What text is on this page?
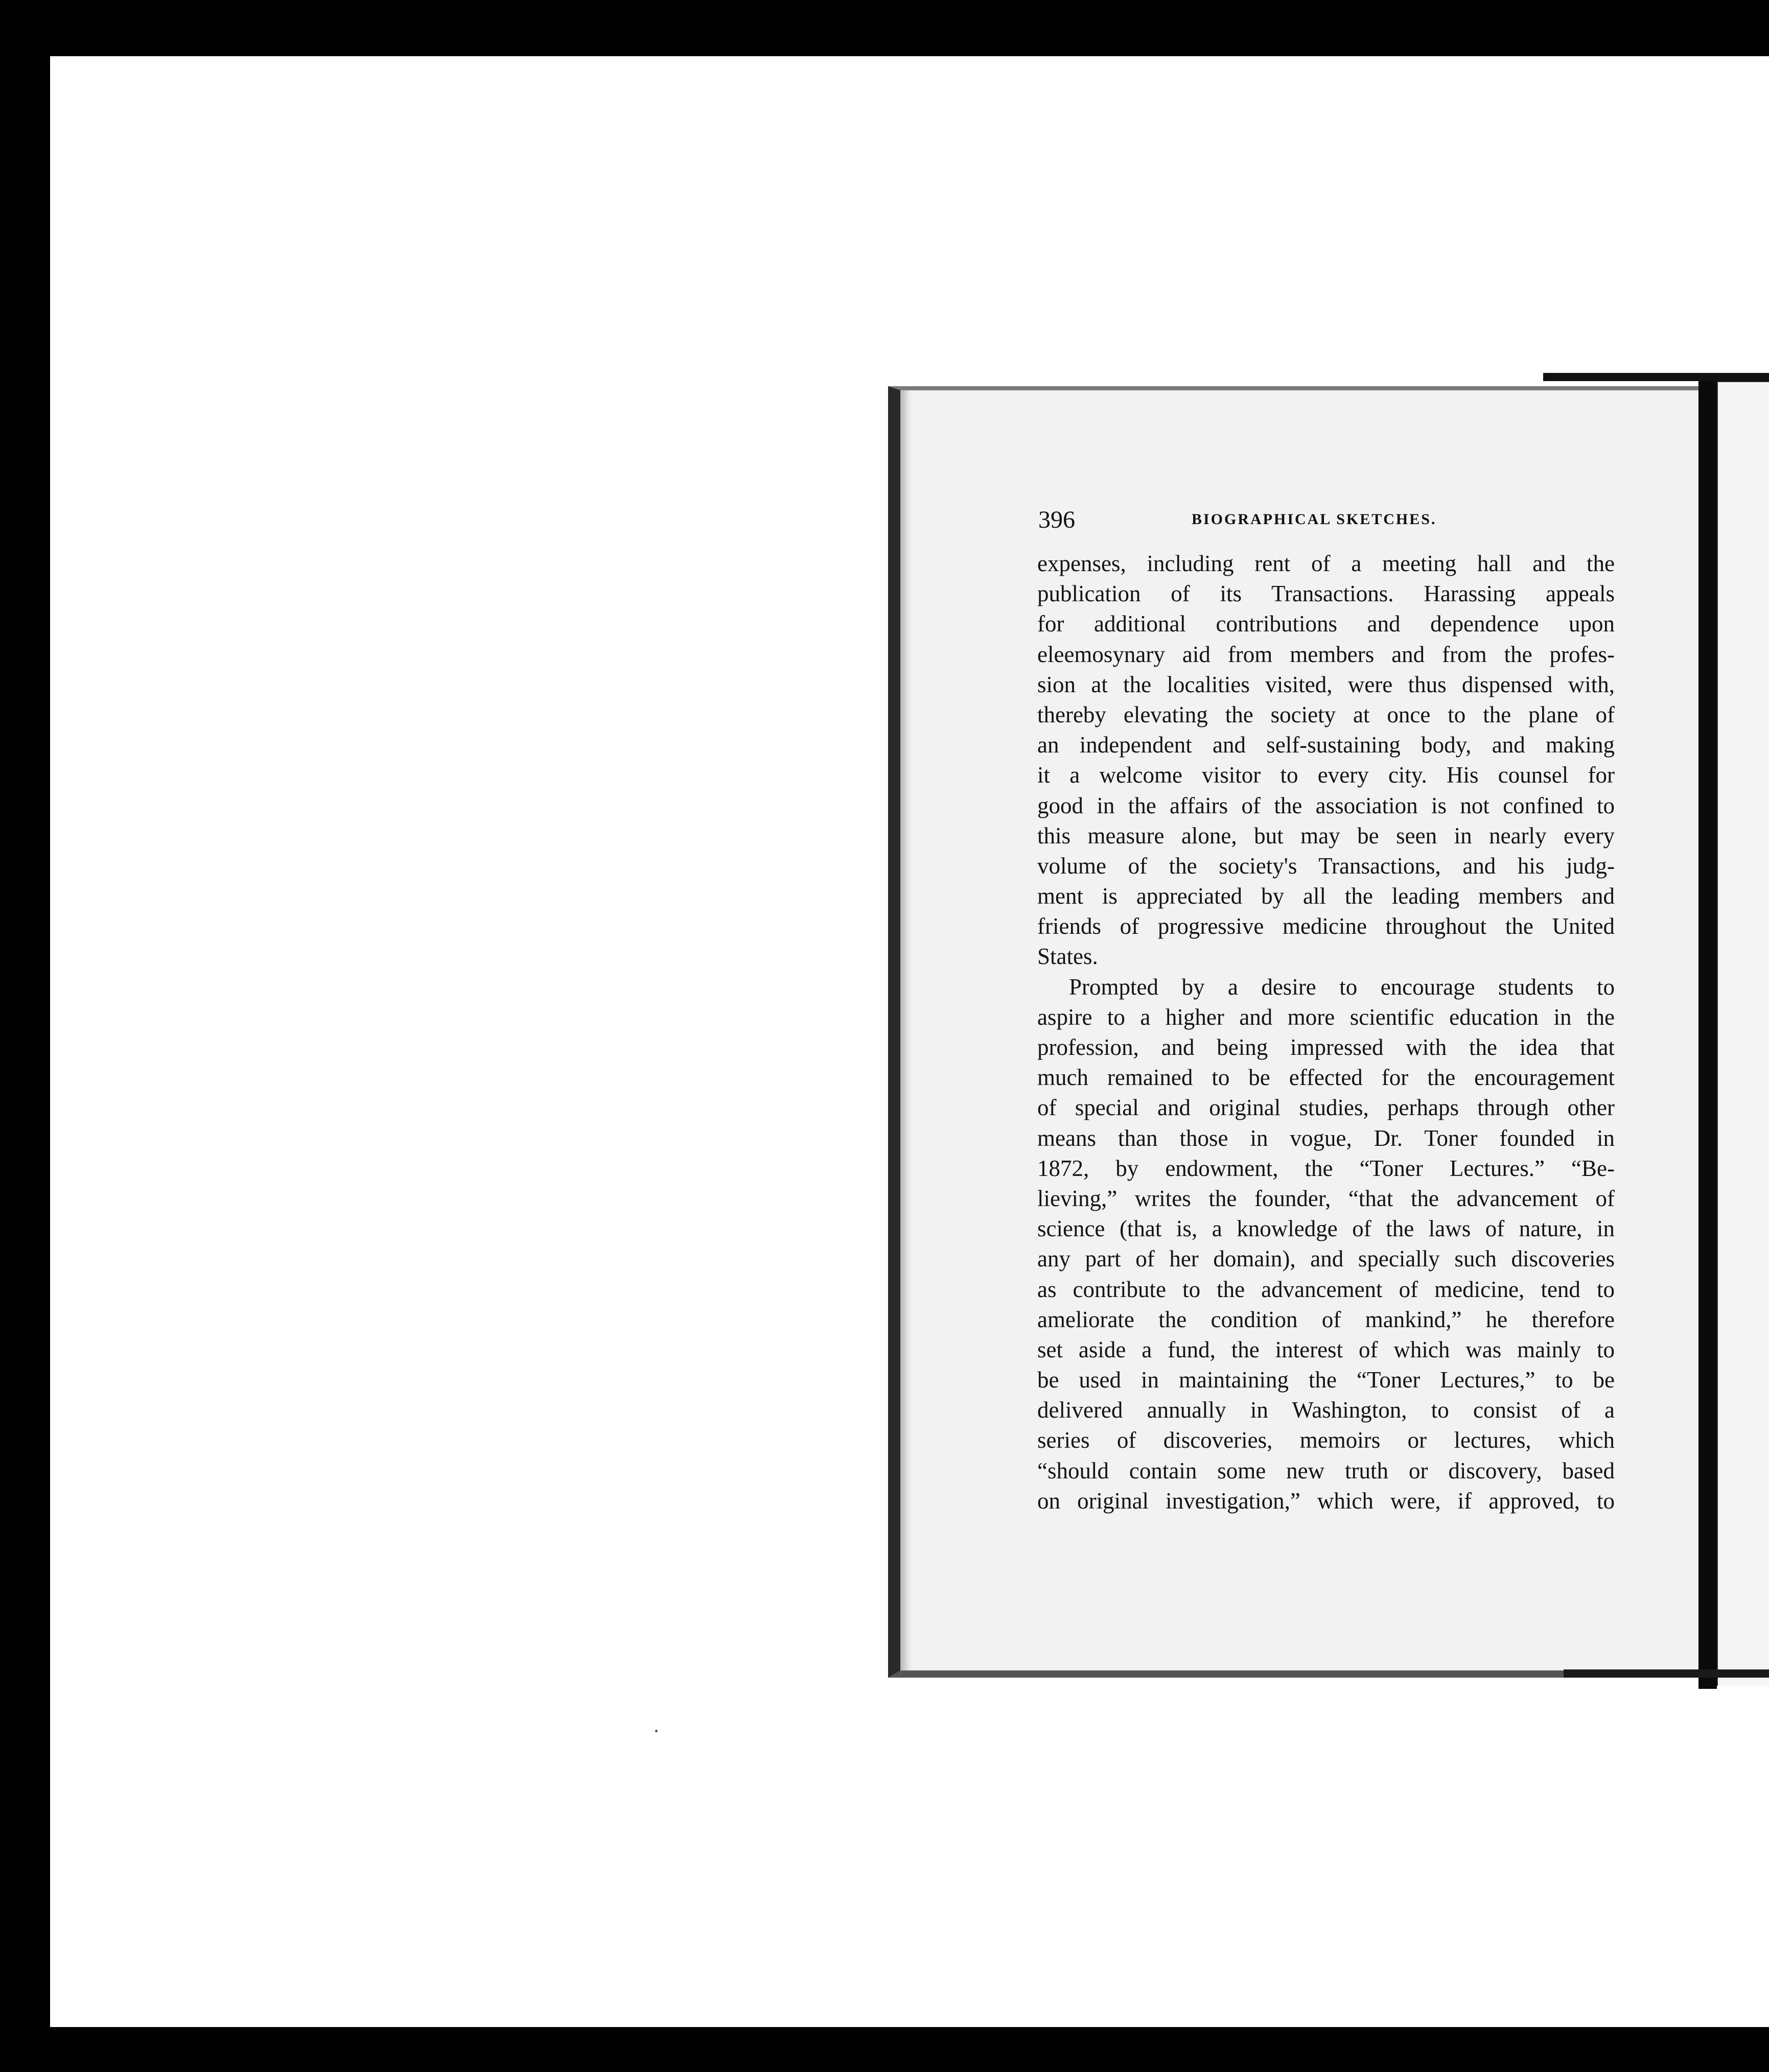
396	BIOGRAPHICAL SKETCHES.
expenses, including rent of a meeting hall and the
publication of its Transactions. Harassing appeals
for additional contributions and dependence upon
eleemosynary aid from members and from the profes-
sion at the localities visited, were thus dispensed with,
thereby elevating the society at once to the plane of
an independent and self-sustaining body, and making
it a welcome visitor to every city. His counsel for
good in the affairs of the association is not confined to
this measure alone, but may be seen in nearly every
volume of the society's Transactions, and his judg-
ment is appreciated by all the leading members and
friends of progressive medicine throughout the United
States.
Prompted by a desire to encourage students to
aspire to a higher and more scientific education in the
profession, and being impressed with the idea that
much remained to be effected for the encouragement
of special and original studies, perhaps through other
means than those in vogue, Dr. Toner founded in
1872, by endowment, the “Toner Lectures.” “Be-
lieving,” writes the founder, “that the advancement of
science (that is, a knowledge of the laws of nature, in
any part of her domain), and specially such discoveries
as contribute to the advancement of medicine, tend to
ameliorate the condition of mankind,” he therefore
set aside a fund, the interest of which was mainly to
be used in maintaining the “Toner Lectures,” to be
delivered annually in Washington, to consist of a
series of discoveries, memoirs or lectures, which
“should contain some new truth or discovery, based
on original investigation,” which were, if approved, to
